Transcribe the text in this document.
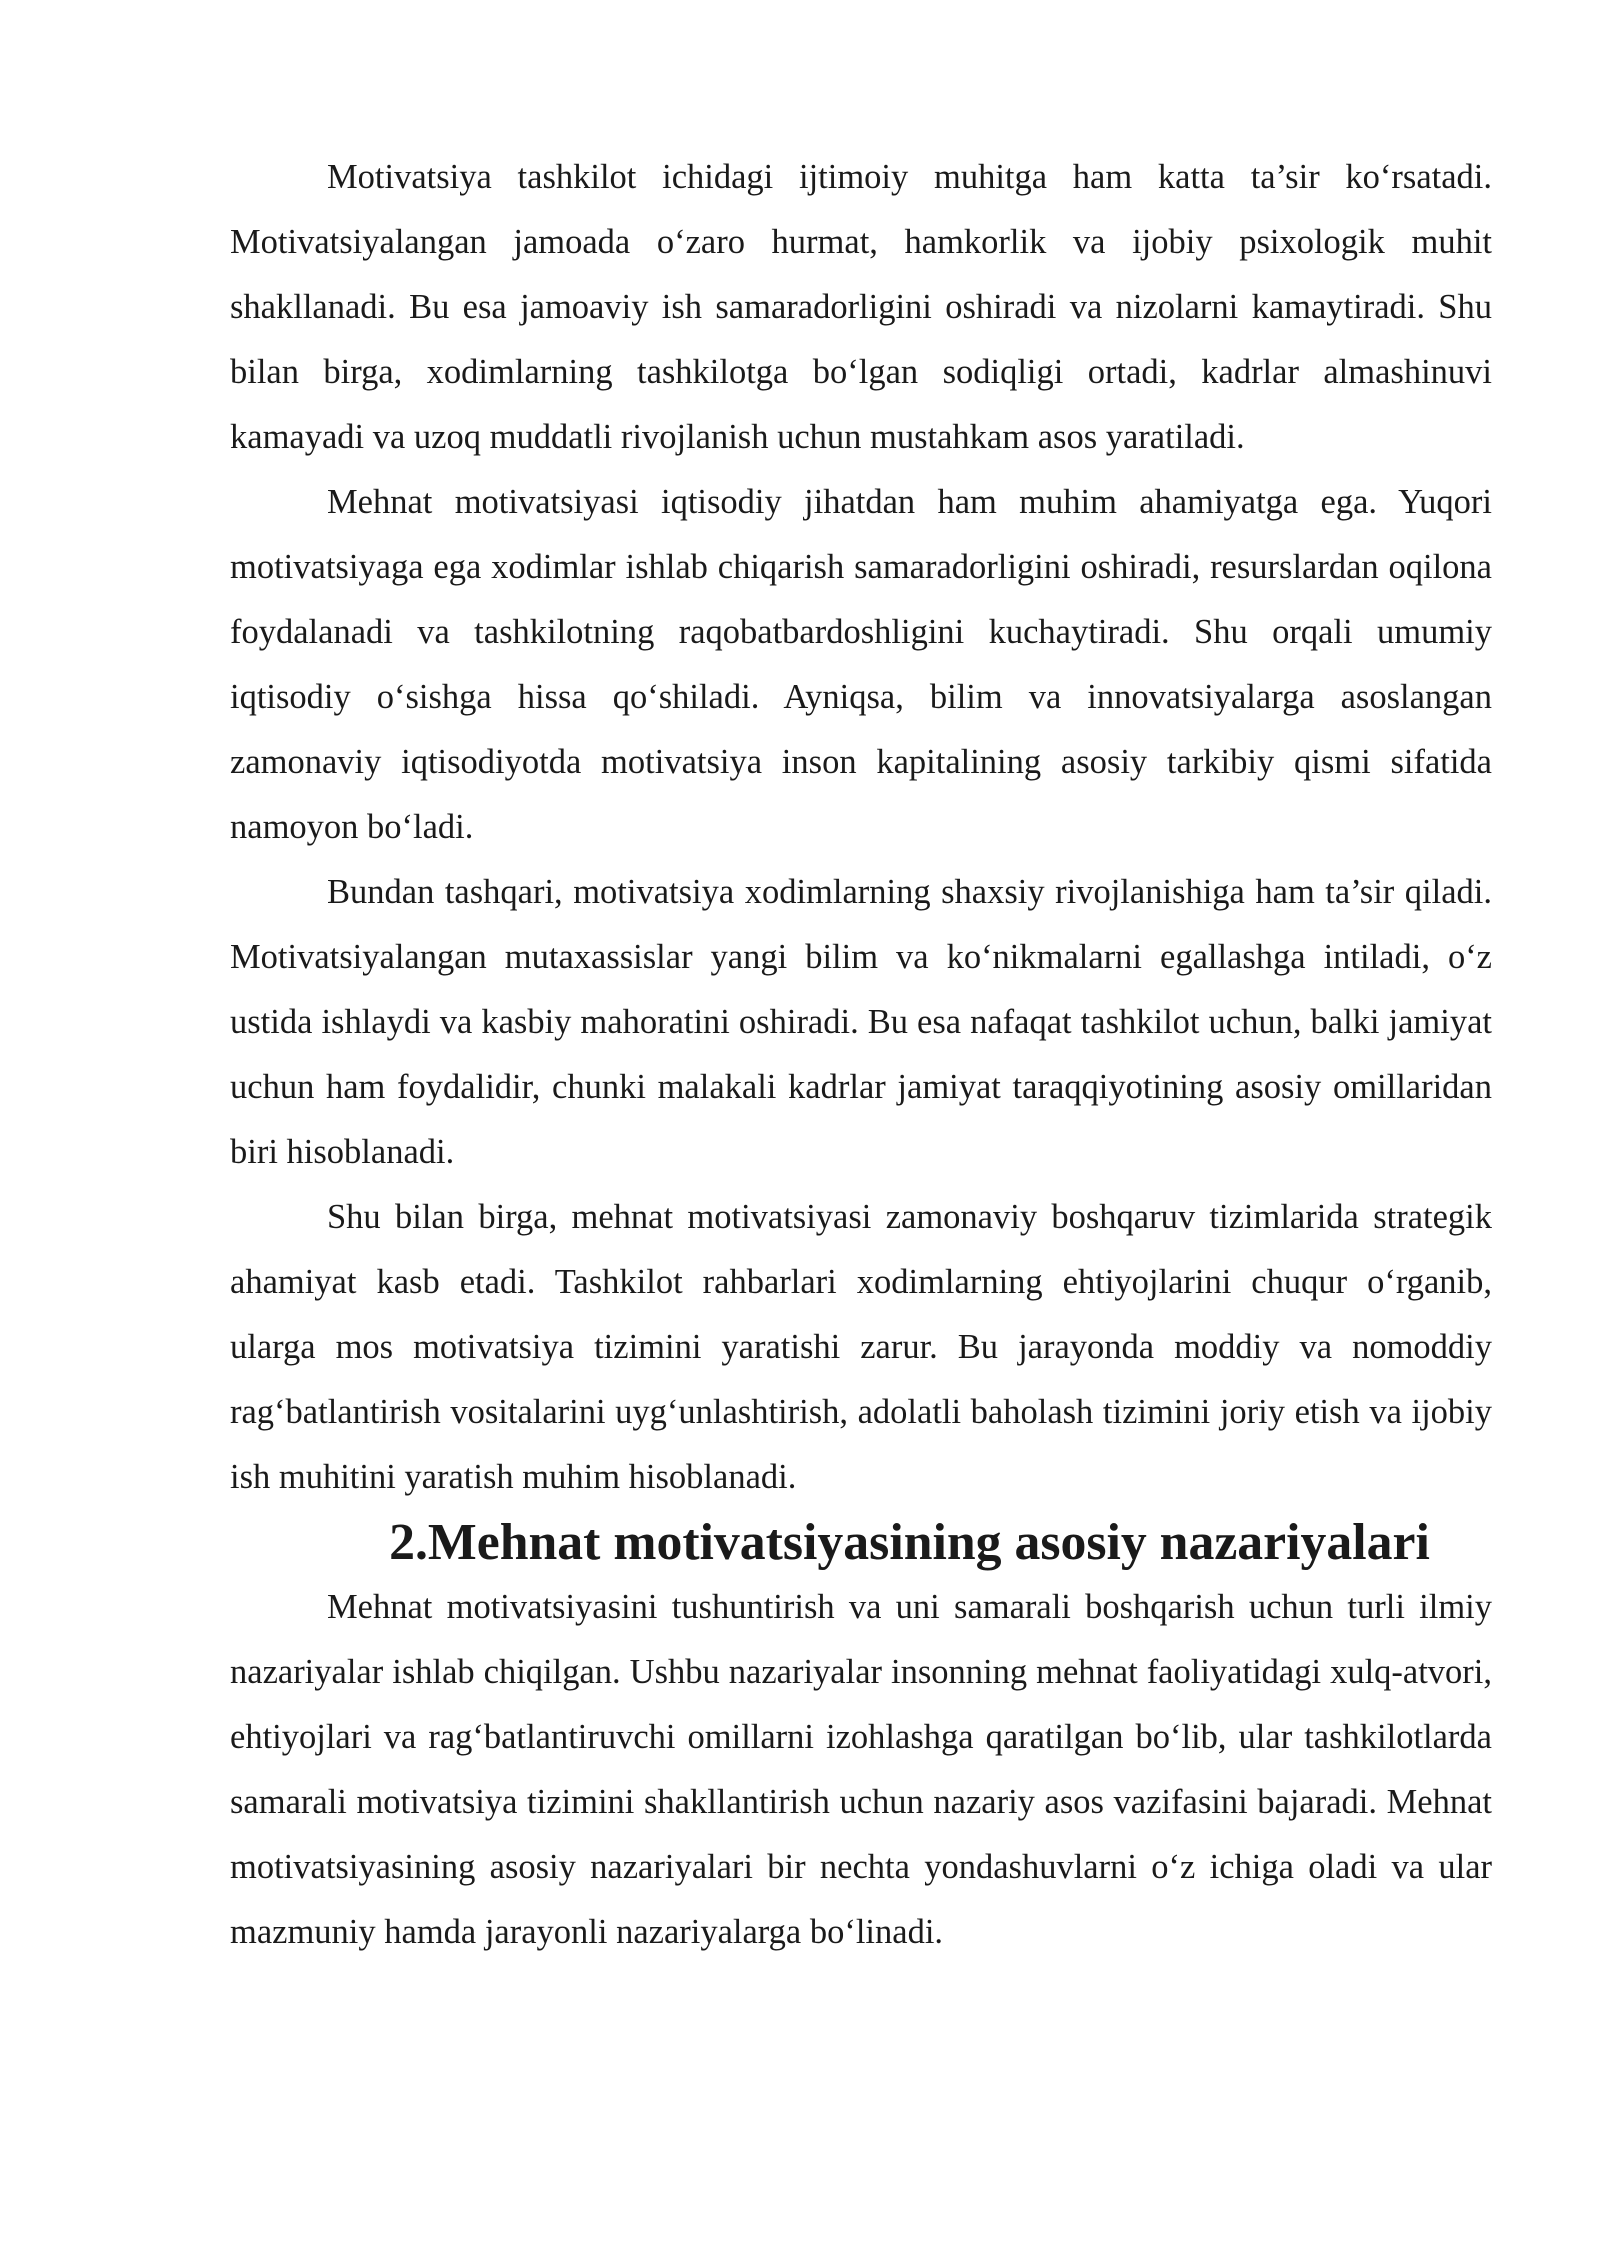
Motivatsiya tashkilot ichidagi ijtimoiy muhitga ham katta ta’sir ko‘rsatadi. Motivatsiyalangan jamoada o‘zaro hurmat, hamkorlik va ijobiy psixologik muhit shakllanadi. Bu esa jamoaviy ish samaradorligini oshiradi va nizolarni kamaytiradi. Shu bilan birga, xodimlarning tashkilotga bo‘lgan sodiqligi ortadi, kadrlar almashinuvi kamayadi va uzoq muddatli rivojlanish uchun mustahkam asos yaratiladi.

Mehnat motivatsiyasi iqtisodiy jihatdan ham muhim ahamiyatga ega. Yuqori motivatsiyaga ega xodimlar ishlab chiqarish samaradorligini oshiradi, resurslardan oqilona foydalanadi va tashkilotning raqobatbardoshligini kuchaytiradi. Shu orqali umumiy iqtisodiy o‘sishga hissa qo‘shiladi. Ayniqsa, bilim va innovatsiyalarga asoslangan zamonaviy iqtisodiyotda motivatsiya inson kapitalining asosiy tarkibiy qismi sifatida namoyon bo‘ladi.

Bundan tashqari, motivatsiya xodimlarning shaxsiy rivojlanishiga ham ta’sir qiladi. Motivatsiyalangan mutaxassislar yangi bilim va ko‘nikmalarni egallashga intiladi, o‘z ustida ishlaydi va kasbiy mahoratini oshiradi. Bu esa nafaqat tashkilot uchun, balki jamiyat uchun ham foydalidir, chunki malakali kadrlar jamiyat taraqqiyotining asosiy omillaridan biri hisoblanadi.

Shu bilan birga, mehnat motivatsiyasi zamonaviy boshqaruv tizimlarida strategik ahamiyat kasb etadi. Tashkilot rahbarlari xodimlarning ehtiyojlarini chuqur o‘rganib, ularga mos motivatsiya tizimini yaratishi zarur. Bu jarayonda moddiy va nomoddiy rag‘batlantirish vositalarini uyg‘unlashtirish, adolatli baholash tizimini joriy etish va ijobiy ish muhitini yaratish muhim hisoblanadi.

2.Mehnat motivatsiyasining asosiy nazariyalari

Mehnat motivatsiyasini tushuntirish va uni samarali boshqarish uchun turli ilmiy nazariyalar ishlab chiqilgan. Ushbu nazariyalar insonning mehnat faoliyatidagi xulq-atvori, ehtiyojlari va rag‘batlantiruvchi omillarni izohlashga qaratilgan bo‘lib, ular tashkilotlarda samarali motivatsiya tizimini shakllantirish uchun nazariy asos vazifasini bajaradi. Mehnat motivatsiyasining asosiy nazariyalari bir nechta yondashuvlarni o‘z ichiga oladi va ular mazmuniy hamda jarayonli nazariyalarga bo‘linadi.
